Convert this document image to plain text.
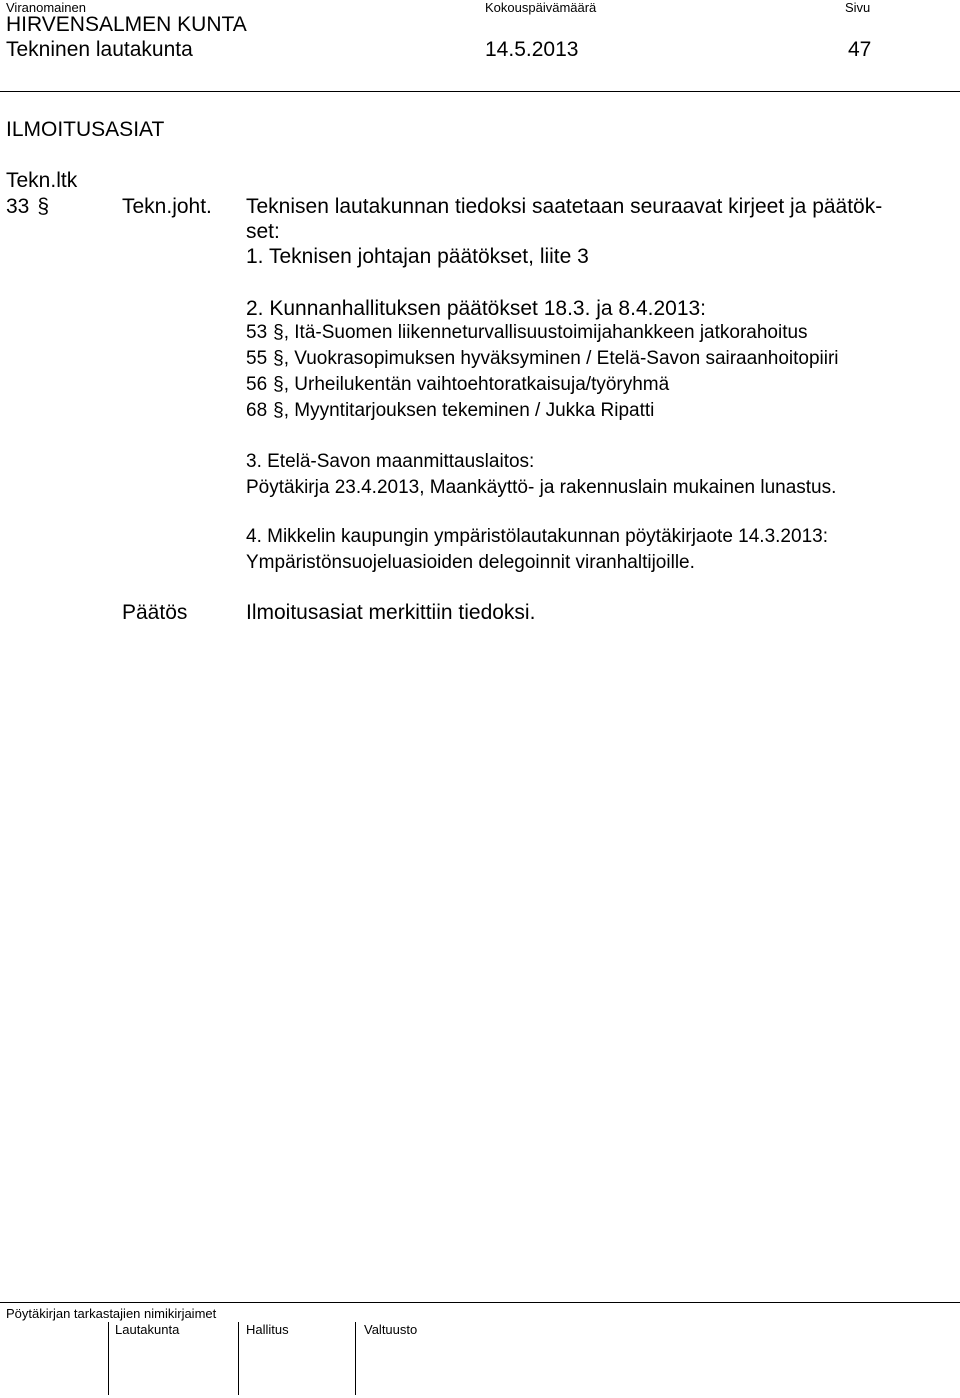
Viranomainen	Kokouspäivämäärä	Sivu
HIRVENSALMEN KUNTA
Tekninen lautakunta	14.5.2013	47
ILMOITUSASIAT
Tekn.ltk
33 §	Tekn.joht. Teknisen lautakunnan tiedoksi saatetaan seuraavat kirjeet ja päätök-
set:
1. Teknisen johtajan päätökset, liite 3
2. Kunnanhallituksen päätökset 18.3. ja 8.4.2013:
53 §, Itä-Suomen liikenneturvallisuustoimijahankkeen jatkorahoitus
55 §, Vuokrasopimuksen hyväksyminen / Etelä-Savon sairaanhoitopiiri
56 §, Urheilukentän vaihtoehtoratkaisuja/työryhmä
68 §, Myyntitarjouksen tekeminen / Jukka Ripatti
3. Etelä-Savon maanmittauslaitos:
Pöytäkirja 23.4.2013, Maankäyttö- ja rakennuslain mukainen lunastus.
4. Mikkelin kaupungin ympäristölautakunnan pöytäkirjaote 14.3.2013:
Ympäristönsuojeluasioiden delegoinnit viranhaltijoille.
Päätös	Ilmoitusasiat merkittiin tiedoksi.
Pöytäkirjan tarkastajien nimikirjaimet
Lautakunta	Hallitus	Valtuusto
